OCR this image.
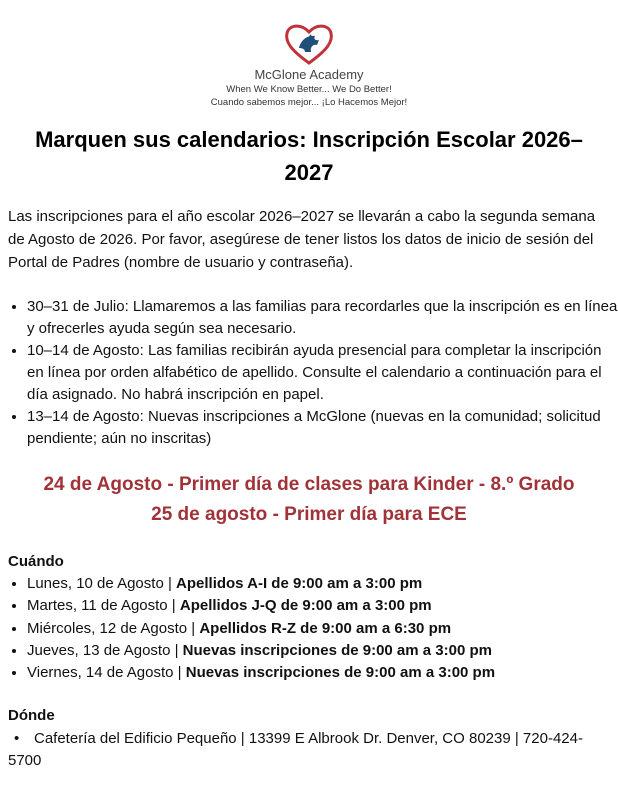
McGlone Academy
When We Know Better... We Do Better!
Cuando sabemos mejor... ¡Lo Hacemos Mejor!
Marquen sus calendarios: Inscripción Escolar 2026–2027

Las inscripciones para el año escolar 2026–2027 se llevarán a cabo la segunda semana de Agosto de 2026. Por favor, asegúrese de tener listos los datos de inicio de sesión del Portal de Padres (nombre de usuario y contraseña).

• 30–31 de Julio: Llamaremos a las familias para recordarles que la inscripción es en línea y ofrecerles ayuda según sea necesario.
• 10–14 de Agosto: Las familias recibirán ayuda presencial para completar la inscripción en línea por orden alfabético de apellido. Consulte el calendario a continuación para el día asignado. No habrá inscripción en papel.
• 13–14 de Agosto: Nuevas inscripciones a McGlone (nuevas en la comunidad; solicitud pendiente; aún no inscritas)
24 de Agosto - Primer día de clases para Kinder - 8.º Grado
25 de agosto - Primer día para ECE
Cuándo
• Lunes, 10 de Agosto | Apellidos A-I de 9:00 am a 3:00 pm
• Martes, 11 de Agosto | Apellidos J-Q de 9:00 am a 3:00 pm
• Miércoles, 12 de Agosto | Apellidos R-Z de 9:00 am a 6:30 pm
• Jueves, 13 de Agosto | Nuevas inscripciones de 9:00 am a 3:00 pm
• Viernes, 14 de Agosto | Nuevas inscripciones de 9:00 am a 3:00 pm
Dónde
• Cafetería del Edificio Pequeño | 13399 E Albrook Dr. Denver, CO 80239 | 720-424-5700
